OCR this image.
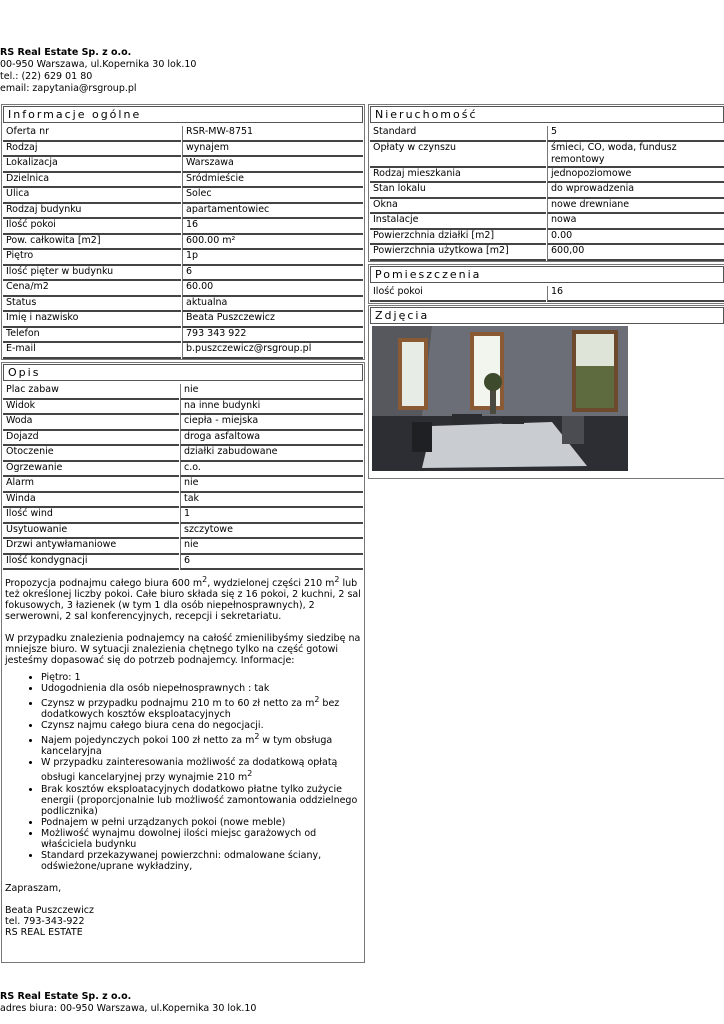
RS Real Estate Sp. z o.o.
00-950 Warszawa, ul.Kopernika 30 lok.10
tel.: (22) 629 01 80
email: zapytania@rsgroup.pl
Informacje ogólne
Oferta nr	RSR-MW-8751
Rodzaj	wynajem
Lokalizacja	Warszawa
Dzielnica	Śródmieście
Ulica	Solec
Rodzaj budynku	apartamentowiec
Ilość pokoi	16
Pow. całkowita [m2]	600.00 m²
Piętro	1p
Ilość pięter w budynku	6
Cena/m2	60.00
Status	aktualna
Imię i nazwisko	Beata Puszczewicz
Telefon	793 343 922
E-mail	b.puszczewicz@rsgroup.pl
Opis
Plac zabaw	nie
Widok	na inne budynki
Woda	ciepła - miejska
Dojazd	droga asfaltowa
Otoczenie	działki zabudowane
Ogrzewanie	c.o.
Alarm	nie
Winda	tak
Ilość wind	1
Usytuowanie	szczytowe
Drzwi antywłamaniowe	nie
Ilość kondygnacji	6

Propozycja podnajmu całego biura 600 $m^2$, wydzielonej części 210 $m^2$ lub też określonej liczby pokoi. Całe biuro składa się z 16 pokoi, 2 kuchni, 2 sal fokusowych, 3 łazienek (w tym 1 dla osób niepełnosprawnych), 2 serwerowni, 2 sal konferencyjnych, recepcji i sekretariatu.

W przypadku znalezienia podnajemcy na całość zmienilibyśmy siedzibę na mniejsze biuro. W sytuacji znalezienia chętnego tylko na część gotowi jesteśmy dopasować się do potrzeb podnajemcy. Informacje:

• Piętro: 1
• Udogodnienia dla osób niepełnosprawnych : tak
• Czynsz w przypadku podnajmu 210 m to 60 zł netto za $m^2$ bez dodatkowych kosztów eksploatacyjnych
• Czynsz najmu całego biura cena do negocjacji.
• Najem pojedynczych pokoi 100 zł netto za $m^2$ w tym obsługa kancelaryjna
• W przypadku zainteresowania możliwość za dodatkową opłatą obsługi kancelaryjnej przy wynajmie 210 $m^2$
• Brak kosztów eksploatacyjnych dodatkowo płatne tylko zużycie energii (proporcjonalnie lub możliwość zamontowania oddzielnego podlicznika)
• Podnajem w pełni urządzanych pokoi (nowe meble)
• Możliwość wynajmu dowolnej ilości miejsc garażowych od właściciela budynku
• Standard przekazywanej powierzchni: odmalowane ściany, odświeżone/uprane wykładziny,

Zapraszam,

Beata Puszczewicz
tel. 793-343-922
RS REAL ESTATE
Nieruchomość
Standard	5
Opłaty w czynszu	śmieci, CO, woda, fundusz remontowy
Rodzaj mieszkania	jednopoziomowe
Stan lokalu	do wprowadzenia
Okna	nowe drewniane
Instalacje	nowa
Powierzchnia działki [m2]	0.00
Powierzchnia użytkowa [m2]	600,00
Pomieszczenia
Ilość pokoi	16
Zdjęcia
RS Real Estate Sp. z o.o.
adres biura: 00-950 Warszawa, ul.Kopernika 30 lok.10
